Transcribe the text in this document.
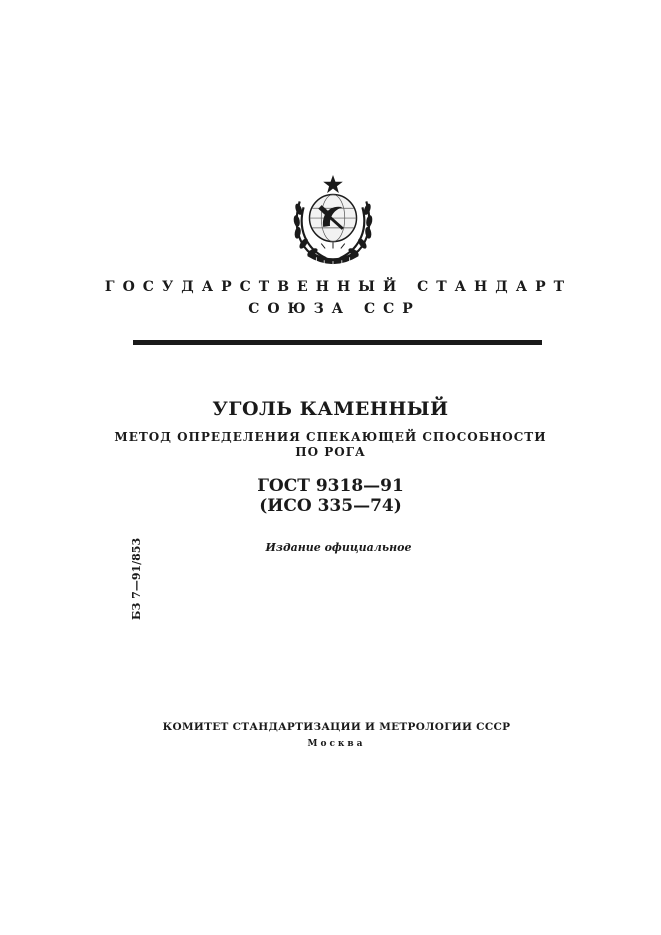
ГОСУДАРСТВЕННЫЙ СТАНДАРТ

СОЮЗА ССР

УГОЛЬ КАМЕННЫЙ

МЕТОД ОПРЕДЕЛЕНИЯ СПЕКАЮЩЕЙ СПОСОБНОСТИ
ПО РОГА

ГОСТ 9318—91

(ИСО 335—74)

Издание официальное

БЗ 7—91/853

КОМИТЕТ СТАНДАРТИЗАЦИИ И МЕТРОЛОГИИ СССР

Москва
